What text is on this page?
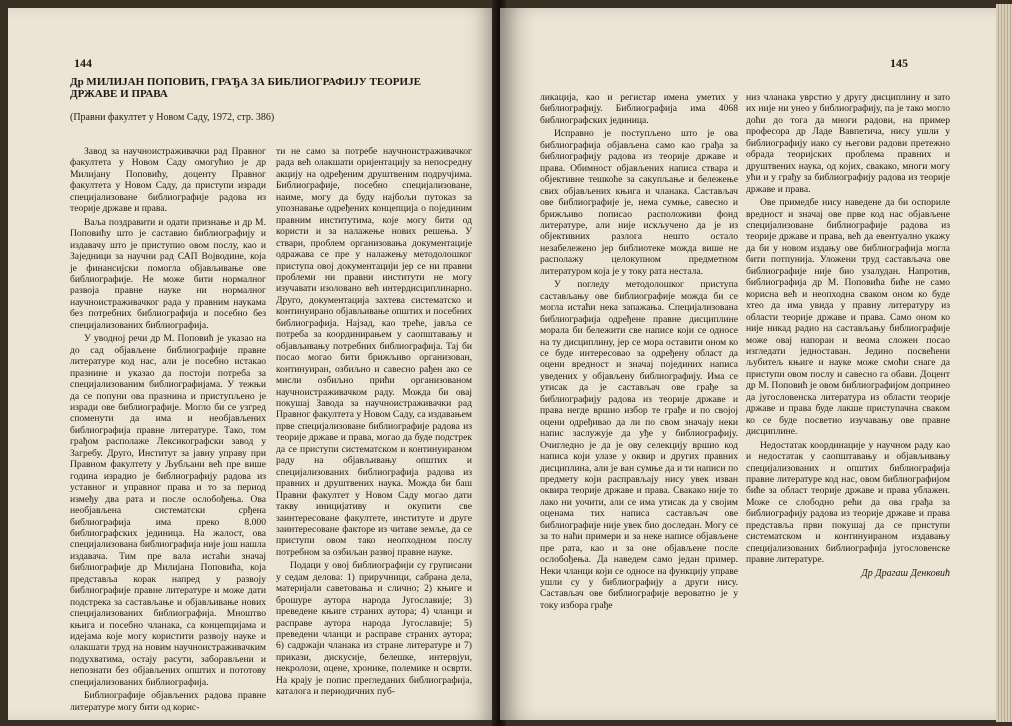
144
Др МИЛИЈАН ПОПОВИЋ, ГРАЂА ЗА БИБЛИОГРАФИЈУ ТЕОРИЈЕ ДРЖАВЕ И ПРАВА
(Правни факултет у Новом Саду, 1972, стр. 386)

Завод за научноистраживачки рад Правног факултета у Новом Саду омогућио је др Милијану Поповићу, доценту Правног факултета у Новом Саду, да приступи изради специјализоване библиографије радова из теорије државе и права.

Ваља поздравити и одати признање и др М. Поповићу што је саставио библиографију и издавачу што је приступио овом послу, као и Заједници за научни рад САП Војводине, која је финансијски помогла објављивање ове библиографије. Не може бити нормалног развоја правне науке ни нормалног научноистраживачког рада у правним наукама без потребних библиографија и посебно без специјализованих библиографија.

У уводној речи др М. Поповић је указао на до сад објављене библиографије правне литературе код нас, али је посебно истакао празнине и указао да постоји потреба за специјализованим библиографијама. У тежњи да се попуни ова празнина и приступљено је изради ове библиографије. Могло би се узгред споменути да има и необјављених библиографија правне литературе. Тако, том грађом располаже Лексикографски завод у Загребу. Друго, Институт за јавну управу при Правном факултету у Љубљани већ пре више година израдио је библиографију радова из уставног и управног права и то за период између два рата и после ослобођења. Ова необјављена систематски срђена библиографија има преко 8.000 библиографских јединица. На жалост, ова специјализована библиографија није још нашла издавача. Тим пре вала истаћи значај библиографије др Милијана Поповића, која представља корак напред у развоју библиографије правне литературе и може дати подстрека за састављање и објављивање нових специјализованих библиографија. Мноштво књига и посебно чланака, са концепцијама и идејама које могу користити развоју науке и олакшати труд на новим научноистраживачким подухватима, остају расути, заборављени и непознати без објављених општих и пототову специјализованих библиографија.

Библиографије објављених радова правне литературе могу бити од корис-

ти не само за потребе научноистраживачког рада већ олакшати оријентацију за непосредну акцију на одређеним друштвеним подручјима. Библиографије, посебно специјализоване, наиме, могу да буду најбољи путоказ за упознавање одређених концепција о појединим правним институтима, које могу бити од користи и за налажење нових решења. У ствари, проблем организовања документације одражава се пре у налажењу методолошког приступа овој документацији јер се ни правни проблеми ни правни институти не могу изучавати изоловано већ интердисциплинарно. Друго, документација захтева систематско и континуирано објављивање општих и посебних библиографија. Најзад, као треће, јавља се потреба за координирањем у саопштавању и објављивању потребних библиографија. Тај би посао могао бити брижљиво организован, континуиран, озбиљно и савесно рађен ако се мисли озбиљно прићи организованом научноистраживачком раду. Можда би овај покушај Завода за научноистраживачки рад Правног факултета у Новом Саду, са издавањем прве специјализоване библиографије радова из теорије државе и права, могао да буде подстрек да се приступи систематском и континуираном раду на објављивању општих и специјализованих библиографија радова из правних и друштвених наука. Можда би баш Правни факултет у Новом Саду могао дати такву иницијативу и окупити све заинтересоване факултете, институте и друге заинтересоване факторе из читаве земље, да се приступи овом тако неопходном послу потребном за озбиљан развој правне науке.

Подаци у овој библиографији су груписани у седам делова: 1) приручници, сабрана дела, материјали саветовања и слично; 2) књиге и брошуре аутора народа Југославије; 3) преведене књиге страних аутора; 4) чланци и расправе аутора народа Југославије; 5) преведени чланци и расправе страних аутора; 6) садржаји чланака из стране литературе и 7) прикази, дискусије, белешке, интервјуи, некролози, оцене, хронике, полемике и осврти. На крају је попис прегледаних библиографија, каталога и периодичних пуб-

145

ликација, као и регистар имена уметих у библиографију. Библиографија има 4068 библиографских јединица.

Исправно је поступљено што је ова библиографија објављена само као грађа за библиографију радова из теорије државе и права. Обимност објављених написа ствара и објективне тешкоће за сакупљање и бележење свих објављених књига и чланака. Састављач ове библиографије је, нема сумње, савесно и брижљиво пописао расположиви фонд литературе, али није искључено да је из објективних разлога нешто остало незабележено јер библиотеке можда више не располажу целокупном предметном литературом која је у току рата нестала.

У погледу методолошког приступа састављању ове библиографије можда би се могла истаћи нека запажања. Специјализована библиографија одређене правне дисциплине морала би бележити све написе који се односе на ту дисциплину, јер се мора оставити оном ко се буде интересовао за одређену област да оцени вредност и значај појединих написа уведених у објављену библиографију. Има се утисак да је састављач ове грађе за библиографију радова из теорије државе и права негде вршио избор те грађе и по својој оцени одређивао да ли по свом значају неки напис заслужује да уђе у библиографију. Очигледно је да је ову селекцију вршио код написа који улазе у оквир и других правних дисциплина, али је ван сумње да и ти написи по предмету који расправљају нису увек изван оквира теорије државе и права. Свакако није то лако ни уочити, али се има утисак да у својим оценама тих написа састављач ове библиографије није увек био доследан. Могу се за то наћи примери и за неке написе објављене пре рата, као и за оне објављене после ослобођења. Да наведем само један пример. Неки чланци који се односе на функцију управе ушли су у библиографију а други нису. Састављач ове библиографије вероватно је у току избора грађе

низ чланака уврстио у другу дисциплину и зато их није ни унео у библиографију, па је тако могло доћи до тога да многи радови, на пример професора др Ладе Вавпетича, нису ушли у библиографију иако су његови радови претежно обрада теоријских проблема правних и друштвених наука, од којих, свакако, многи могу ући и у грађу за библиографију радова из теорије државе и права.

Ове примедбе нису наведене да би оспориле вредност и значај ове прве код нас објављене специјализоване библиографије радова из теорије државе и права, већ да евентуално укажу да би у новом издању ове библиографија могла бити потпунија. Уложени труд састављача ове библиографије није био узалудан. Напротив, библиографија др М. Поповића биће не само корисна већ и неопходна сваком оном ко буде хтео да има увида у правну литературу из области теорије државе и права. Само оном ко није никад радио на састављању библиографије може овај напоран и веома сложен посао изгледати једноставан. Једино посвећени љубитељ књиге и науке може смоћи снаге да приступи овом послу и савесно га обави. Доцент др М. Поповић је овом библиографијом допринео да југословенска литература из области теорије државе и права буде лакше приступачна сваком ко се буде посветио изучавању ове правне дисциплине.

Недостатак координације у научном раду као и недостатак у саопштавању и објављивању специјализованих и општих библиографија правне литературе код нас, овом библиографијом биће за област теорије државе и права ублажен. Може се слободно рећи да ова грађа за библиографију радова из теорије државе и права представља први покушај да се приступи систематском и континуираном издавању специјализованих библиографија југословенске правне литературе.

Др Драгаш Денковић
